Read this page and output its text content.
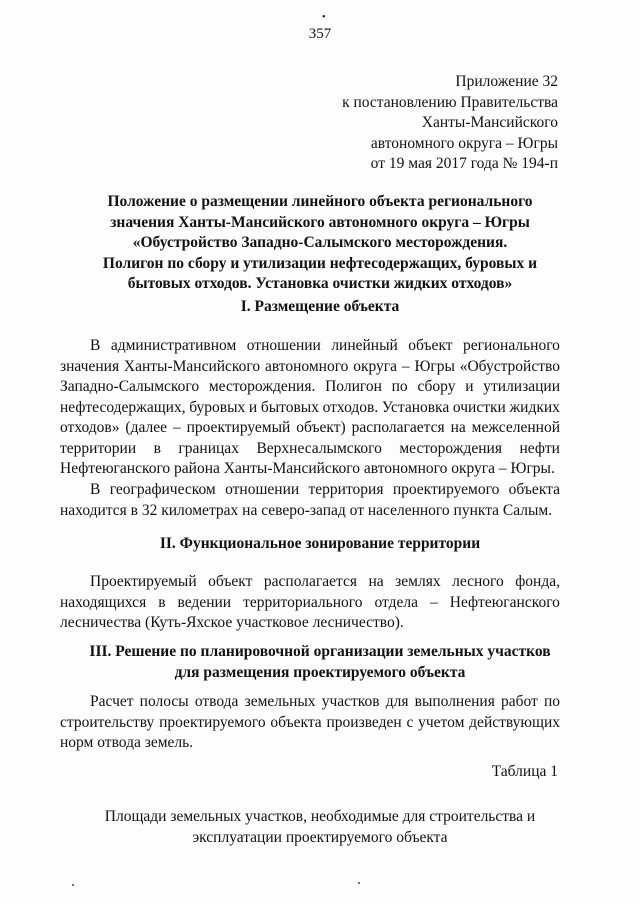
•
357
Приложение 32
к постановлению Правительства
Ханты-Мансийского
автономного округа – Югры
от 19 мая 2017 года № 194-п
Положение о размещении линейного объекта регионального
значения Ханты-Мансийского автономного округа – Югры
«Обустройство Западно-Салымского месторождения.
Полигон по сбору и утилизации нефтесодержащих, буровых и
бытовых отходов. Установка очистки жидких отходов»
I. Размещение объекта
В административном отношении линейный объект регионального
значения Ханты-Мансийского автономного округа – Югры «Обустройство
Западно-Салымского месторождения. Полигон по сбору и утилизации
нефтесодержащих, буровых и бытовых отходов. Установка очистки жидких
отходов» (далее – проектируемый объект) располагается на межселенной
территории в границах Верхнесалымского месторождения нефти
Нефтеюганского района Ханты-Мансийского автономного округа – Югры.
В географическом отношении территория проектируемого объекта
находится в 32 километрах на северо-запад от населенного пункта Салым.
II. Функциональное зонирование территории
Проектируемый объект располагается на землях лесного фонда,
находящихся в ведении территориального отдела – Нефтеюганского
лесничества (Куть-Яхское участковое лесничество).
III. Решение по планировочной организации земельных участков
для размещения проектируемого объекта
Расчет полосы отвода земельных участков для выполнения работ по
строительству проектируемого объекта произведен с учетом действующих
норм отвода земель.
Таблица 1
Площади земельных участков, необходимые для строительства и
эксплуатации проектируемого объекта
